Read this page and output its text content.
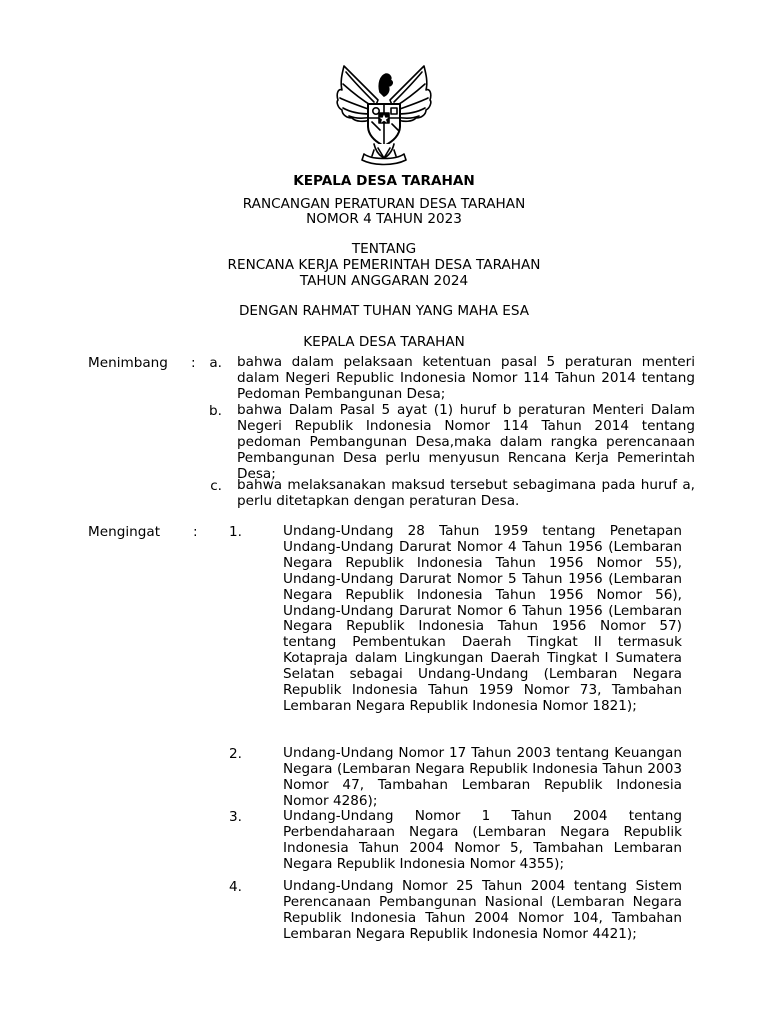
KEPALA DESA TARAHAN
RANCANGAN PERATURAN DESA TARAHAN
NOMOR 4 TAHUN 2023
TENTANG
RENCANA KERJA PEMERINTAH DESA TARAHAN
TAHUN ANGGARAN 2024
DENGAN RAHMAT TUHAN YANG MAHA ESA
KEPALA DESA TARAHAN
Menimbang :	a. bahwa dalam pelaksaan ketentuan pasal 5 peraturan menteri dalam Negeri Republic Indonesia Nomor 114 Tahun 2014 tentang Pedoman Pembangunan Desa;
b. bahwa Dalam Pasal 5 ayat (1) huruf b peraturan Menteri Dalam Negeri Republik Indonesia Nomor 114 Tahun 2014 tentang pedoman Pembangunan Desa,maka dalam rangka perencanaan Pembangunan Desa perlu menyusun Rencana Kerja Pemerintah Desa;
c. bahwa melaksanakan maksud tersebut sebagimana pada huruf a, perlu ditetapkan dengan peraturan Desa.
Mengingat :	1.	Undang-Undang 28 Tahun 1959 tentang Penetapan Undang-Undang Darurat Nomor 4 Tahun 1956 (Lembaran Negara Republik Indonesia Tahun 1956 Nomor 55), Undang-Undang Darurat Nomor 5 Tahun 1956 (Lembaran Negara Republik Indonesia Tahun 1956 Nomor 56), Undang-Undang Darurat Nomor 6 Tahun 1956 (Lembaran Negara Republik Indonesia Tahun 1956 Nomor 57) tentang Pembentukan Daerah Tingkat II termasuk Kotapraja dalam Lingkungan Daerah Tingkat I Sumatera Selatan sebagai Undang-Undang (Lembaran Negara Republik Indonesia Tahun 1959 Nomor 73, Tambahan Lembaran Negara Republik Indonesia Nomor 1821);
2.	Undang-Undang Nomor 17 Tahun 2003 tentang Keuangan Negara (Lembaran Negara Republik Indonesia Tahun 2003 Nomor 47, Tambahan Lembaran Republik Indonesia Nomor 4286);
3.	Undang-Undang Nomor 1 Tahun 2004 tentang Perbendaharaan Negara (Lembaran Negara Republik Indonesia Tahun 2004 Nomor 5, Tambahan Lembaran Negara Republik Indonesia Nomor 4355);
4.	Undang-Undang Nomor 25 Tahun 2004 tentang Sistem Perencanaan Pembangunan Nasional (Lembaran Negara Republik Indonesia Tahun 2004 Nomor 104, Tambahan Lembaran Negara Republik Indonesia Nomor 4421);
